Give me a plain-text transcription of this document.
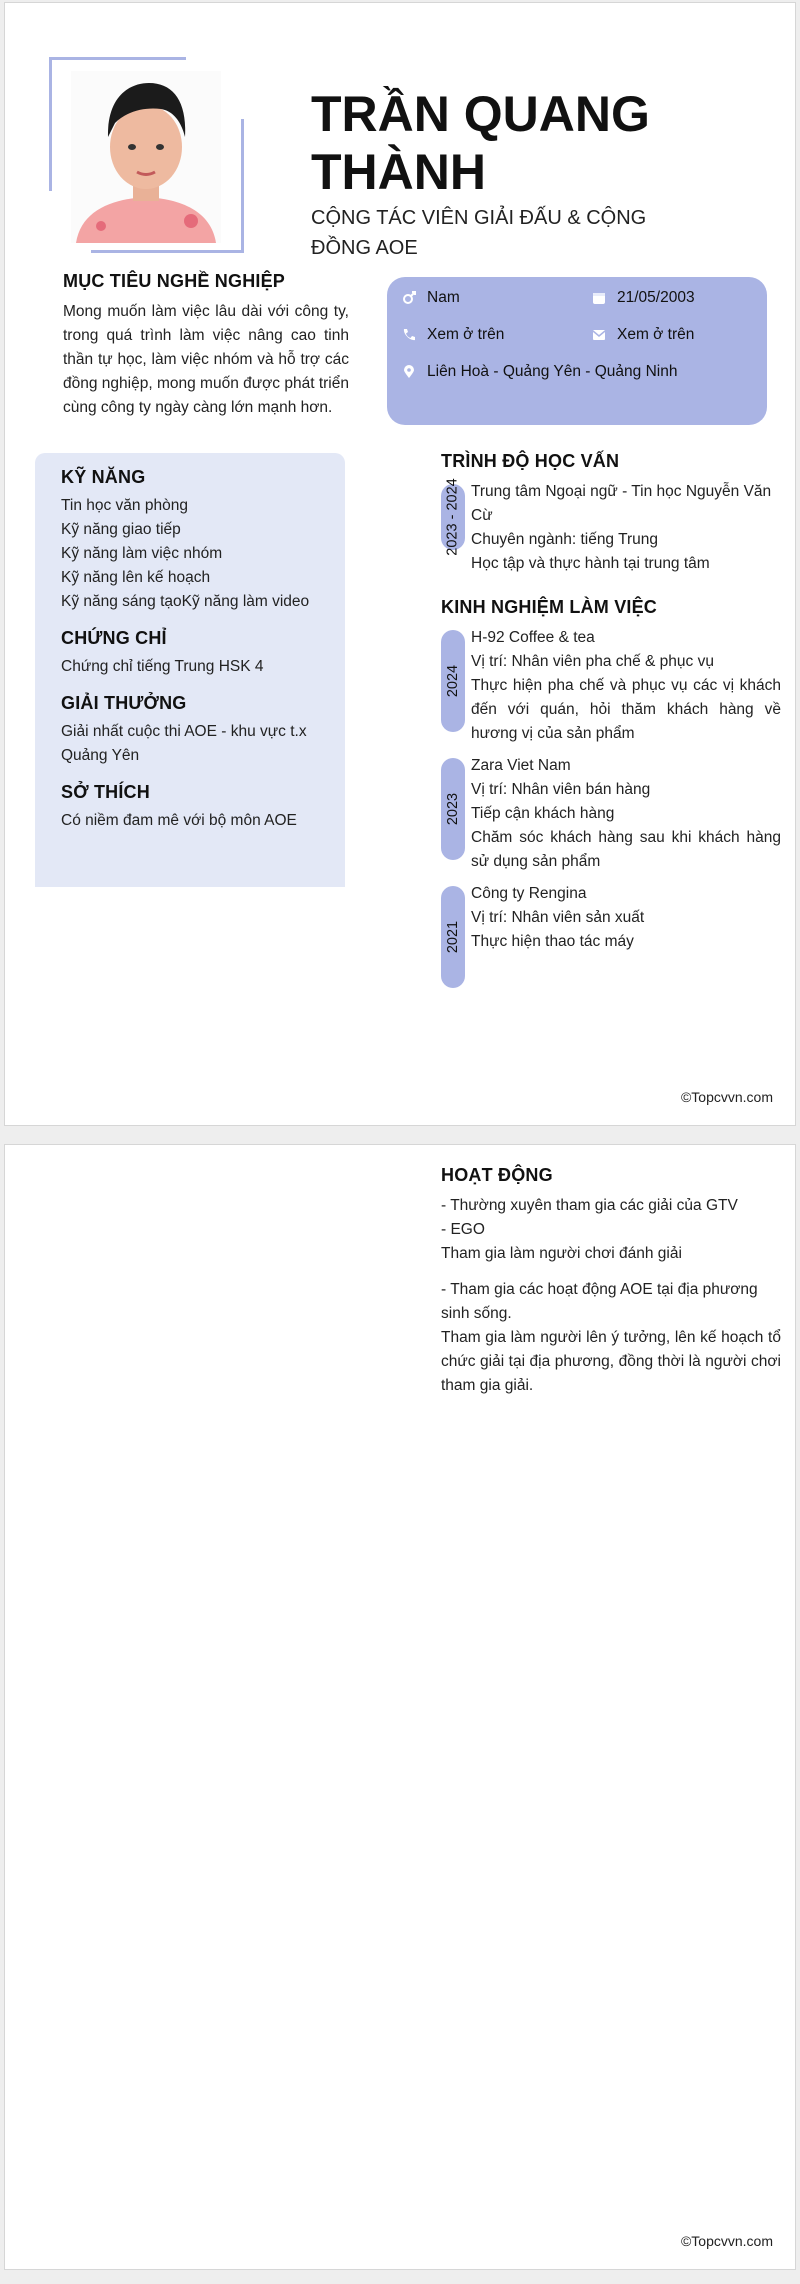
TRẦN QUANG THÀNH
CỘNG TÁC VIÊN GIẢI ĐẤU & CỘNG ĐỒNG AOE
MỤC TIÊU NGHỀ NGHIỆP
Mong muốn làm việc lâu dài với công ty, trong quá trình làm việc nâng cao tinh thần tự học, làm việc nhóm và hỗ trợ các đồng nghiệp, mong muốn được phát triển cùng công ty ngày càng lớn mạnh hơn.
Nam	21/05/2003
Xem ở trên	Xem ở trên
Liên Hoà - Quảng Yên - Quảng Ninh
KỸ NĂNG
Tin học văn phòng
Kỹ năng giao tiếp
Kỹ năng làm việc nhóm
Kỹ năng lên kế hoạch
Kỹ năng sáng tạoKỹ năng làm video
CHỨNG CHỈ
Chứng chỉ tiếng Trung HSK 4
GIẢI THƯỞNG
Giải nhất cuộc thi AOE - khu vực t.x Quảng Yên
SỞ THÍCH
Có niềm đam mê với bộ môn AOE
TRÌNH ĐỘ HỌC VẤN
2023 - 2024 Trung tâm Ngoại ngữ - Tin học Nguyễn Văn Cừ
Chuyên ngành: tiếng Trung
Học tập và thực hành tại trung tâm
KINH NGHIỆM LÀM VIỆC
2024
H-92 Coffee & tea
Vị trí: Nhân viên pha chế & phục vụ
Thực hiện pha chế và phục vụ các vị khách đến với quán, hỏi thăm khách hàng về hương vị của sản phẩm
2023
Zara Viet Nam
Vị trí: Nhân viên bán hàng
Tiếp cận khách hàng
Chăm sóc khách hàng sau khi khách hàng sử dụng sản phẩm
2021
Công ty Rengina
Vị trí: Nhân viên sản xuất
Thực hiện thao tác máy
©Topcvvn.com
HOẠT ĐỘNG
- Thường xuyên tham gia các giải của GTV
- EGO
Tham gia làm người chơi đánh giải
- Tham gia các hoạt động AOE tại địa phương sinh sống.
Tham gia làm người lên ý tưởng, lên kế hoạch tổ chức giải tại địa phương, đồng thời là người chơi tham gia giải.
©Topcvvn.com
